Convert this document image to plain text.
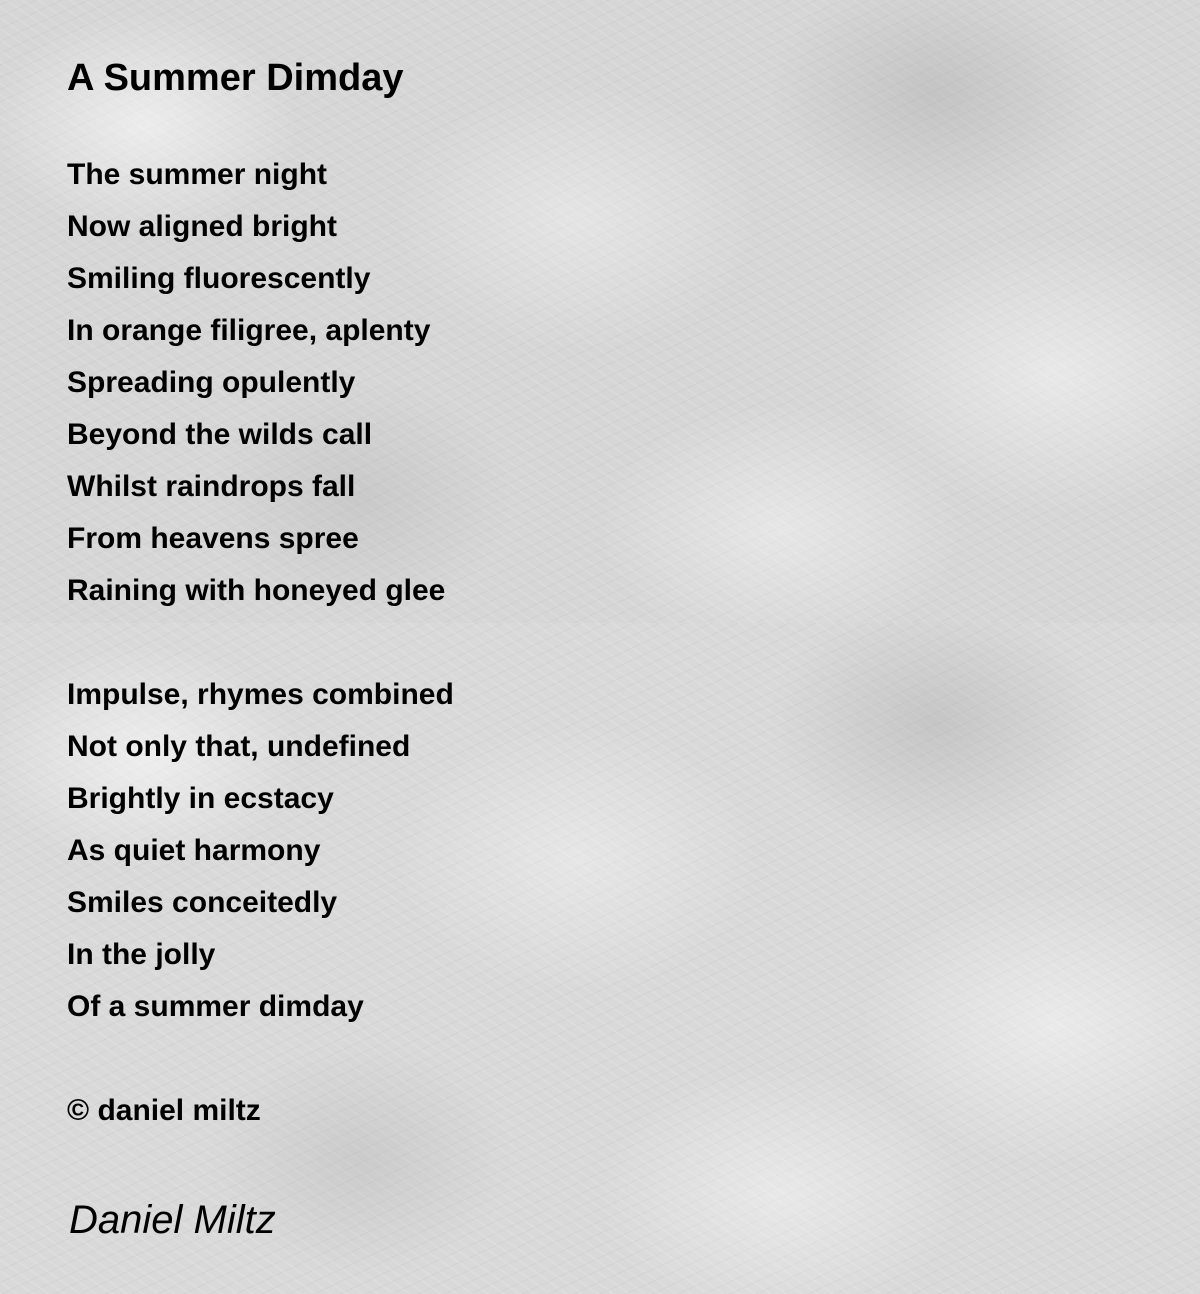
A Summer Dimday
The summer night
Now aligned bright
Smiling fluorescently
In orange filigree, aplenty
Spreading opulently
Beyond the wilds call
Whilst raindrops fall
From heavens spree
Raining with honeyed glee
Impulse, rhymes combined
Not only that, undefined
Brightly in ecstacy
As quiet harmony
Smiles conceitedly
In the jolly
Of a summer dimday

© daniel miltz

Daniel Miltz
